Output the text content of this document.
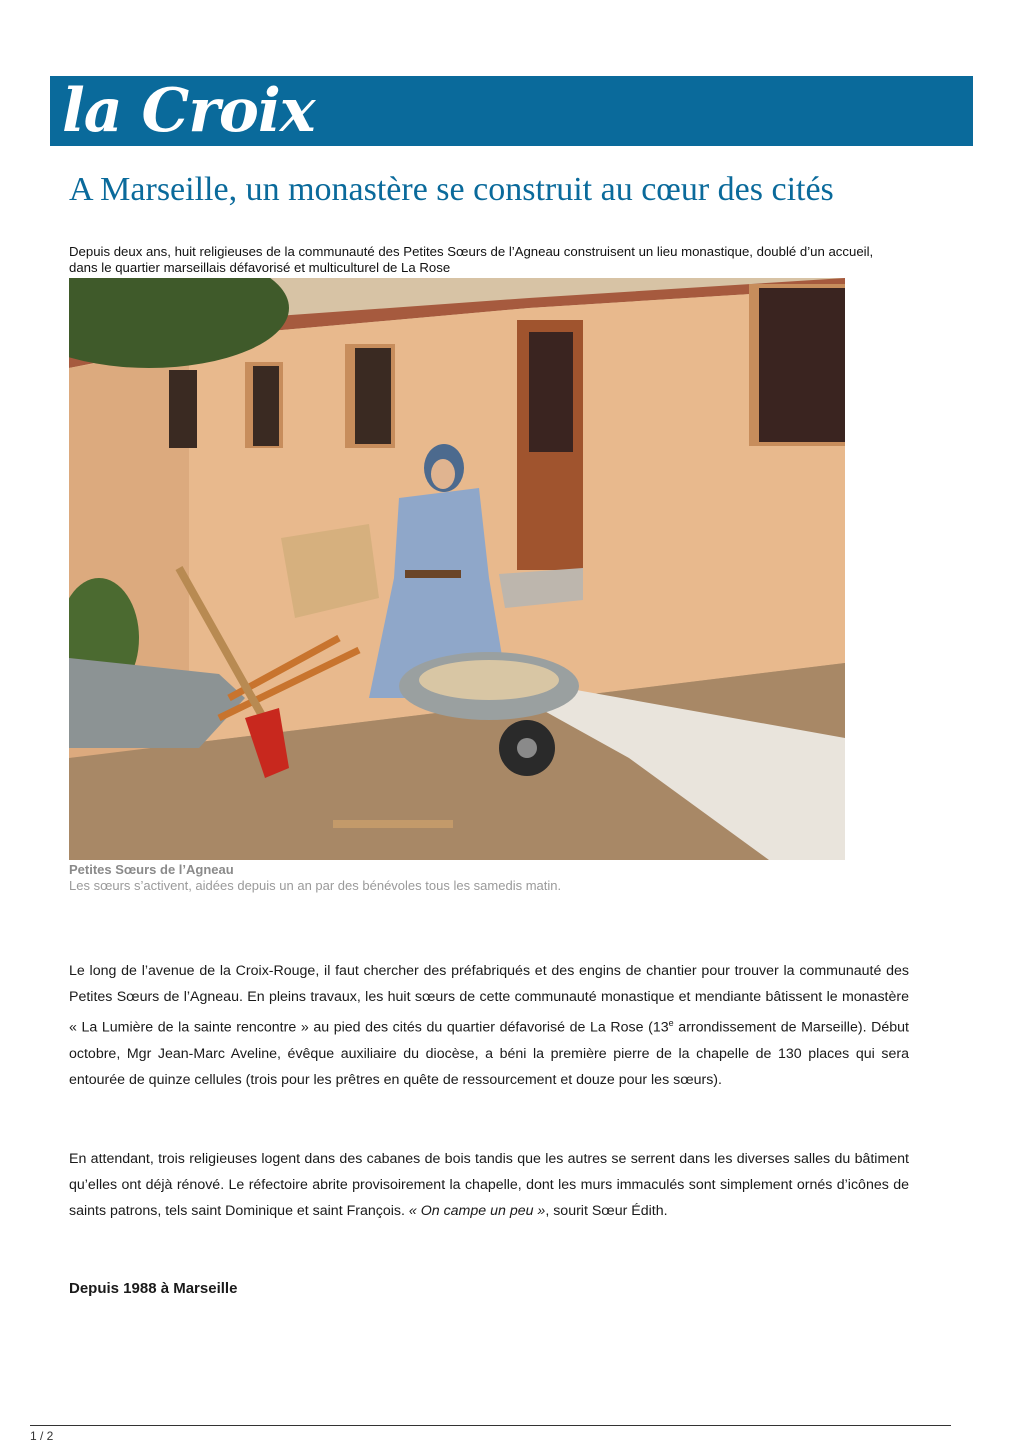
la Croix
A Marseille, un monastère se construit au cœur des cités
Depuis deux ans, huit religieuses de la communauté des Petites Sœurs de l’Agneau construisent un lieu monastique, doublé d’un accueil, dans le quartier marseillais défavorisé et multiculturel de La Rose
Petites Sœurs de l’Agneau
Les sœurs s’activent, aidées depuis un an par des bénévoles tous les samedis matin.

Le long de l’avenue de la Croix-Rouge, il faut chercher des préfabriqués et des engins de chantier pour trouver la communauté des Petites Sœurs de l’Agneau. En pleins travaux, les huit sœurs de cette communauté monastique et mendiante bâtissent le monastère « La Lumière de la sainte rencontre » au pied des cités du quartier défavorisé de La Rose (13e arrondissement de Marseille). Début octobre, Mgr Jean-Marc Aveline, évêque auxiliaire du diocèse, a béni la première pierre de la chapelle de 130 places qui sera entourée de quinze cellules (trois pour les prêtres en quête de ressourcement et douze pour les sœurs).

En attendant, trois religieuses logent dans des cabanes de bois tandis que les autres se serrent dans les diverses salles du bâtiment qu’elles ont déjà rénové. Le réfectoire abrite provisoirement la chapelle, dont les murs immaculés sont simplement ornés d’icônes de saints patrons, tels saint Dominique et saint François. « On campe un peu », sourit Sœur Édith.

Depuis 1988 à Marseille
1 / 2
